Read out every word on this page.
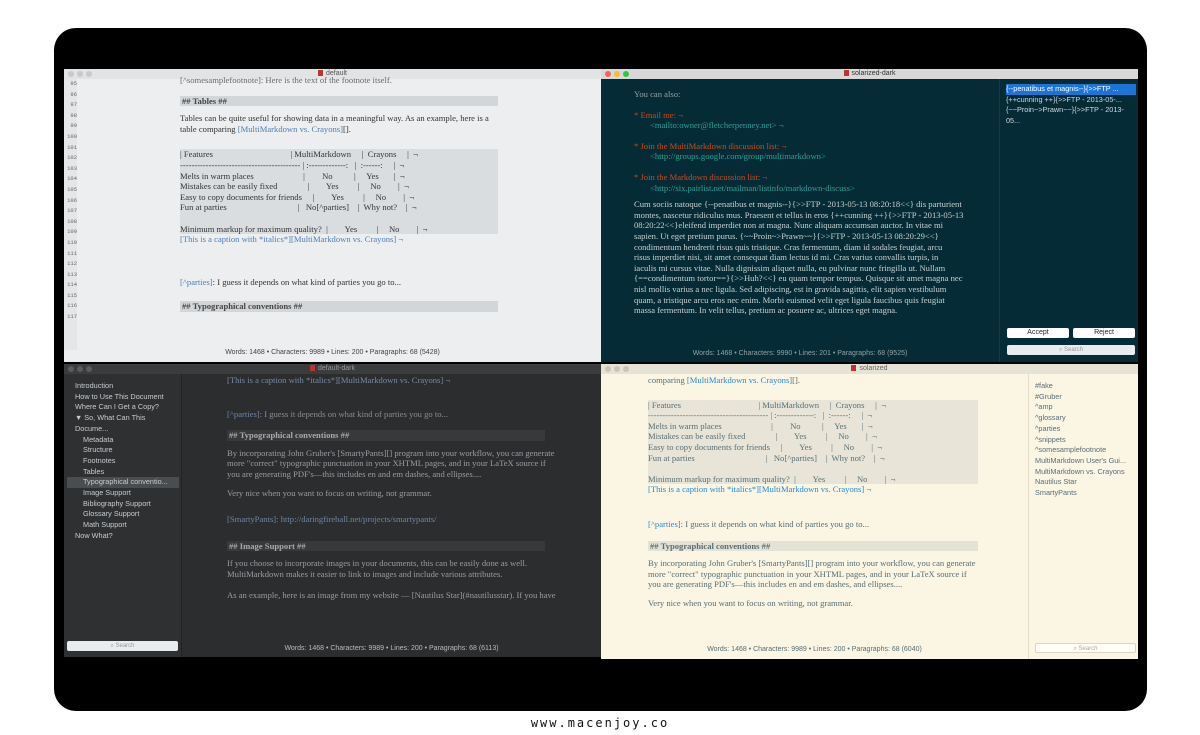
default
95
96
97
98
99
100
101
102
103
104
105
106
107
108
109
110
111
112
113
114
115
116
117

[^somesamplefootnote]: Here is the text of the footnote itself.

## Tables ##

Tables can be quite useful for showing data in a meaningful way. As an example, here is a

table comparing [MultiMarkdown vs. Crayons][].

| Features                                    | MultiMarkdown     |  Crayons     |  ¬
------------------------------------------ | :-------------:   |  :------:     |  ¬
Melts in warm places                       |        No          |     Yes       |  ¬
Mistakes can be easily fixed              |        Yes         |     No        |  ¬
Easy to copy documents for friends     |        Yes         |     No        |  ¬
Fun at parties                                 |   No[^parties]    |  Why not?    |  ¬
Minimum markup for maximum quality?  |        Yes         |     No        |  ¬

[This is a caption with *italics*][MultiMarkdown vs. Crayons] ¬

[^parties]: I guess it depends on what kind of parties you go to...

## Typographical conventions ##

Words: 1468 • Characters: 9989 • Lines: 200 • Paragraphs: 68 (5428)
solarized-dark

You can also:

* Email me: ¬

<mailto:owner@fletcherpenney.net> ¬

* Join the MultiMarkdown discussion list: ¬

<http://groups.google.com/group/multimarkdown>

* Join the Markdown discussion list: ¬

<http://six.pairlist.net/mailman/listinfo/markdown-discuss>

Cum sociis natoque {--penatibus et magnis--}{>>FTP - 2013-05-13 08:20:18<<} dis parturient

montes, nascetur ridiculus mus. Praesent et tellus in eros {++cunning ++}{>>FTP - 2013-05-13

08:20:22<<}eleifend imperdiet non at magna. Nunc aliquam accumsan auctor. In vitae mi

sapien. Ut eget pretium purus. {~~Proin~>Prawn~~}{>>FTP - 2013-05-13 08:20:29<<}

condimentum hendrerit risus quis tristique. Cras fermentum, diam id sodales feugiat, arcu

risus imperdiet nisi, sit amet consequat diam lectus id mi. Cras varius convallis turpis, in

iaculis mi cursus vitae. Nulla dignissim aliquet nulla, eu pulvinar nunc fringilla ut. Nullam

{==condimentum tortor==}{>>Huh?<<} eu quam tempor tempus. Quisque sit amet magna nec

nisl mollis varius a nec ligula. Sed adipiscing, est in gravida sagittis, elit sapien vestibulum

quam, a tristique arcu eros nec enim. Morbi euismod velit eget ligula faucibus quis feugiat

massa fermentum. In velit tellus, pretium ac posuere ac, ultrices eget magna.

Words: 1468 • Characters: 9990 • Lines: 201 • Paragraphs: 68 (9525)
{--penatibus et magnis--}{>>FTP ...
{++cunning ++}{>>FTP - 2013-05-...
{~~Proin~>Prawn~~}{>>FTP - 2013-05...
Accept	Reject
⌕ Search
default-dark
Introduction
How to Use This Document
Where Can I Get a Copy?
▼ So, What Can This Docume...
Metadata
Structure
Footnotes
Tables
Typographical conventio...
Image Support
Bibliography Support
Glossary Support
Math Support
Now What?
⌕ Search

[This is a caption with *italics*][MultiMarkdown vs. Crayons] ¬

[^parties]: I guess it depends on what kind of parties you go to...

## Typographical conventions ##

By incorporating John Gruber's [SmartyPants][] program into your workflow, you can generate

more "correct" typographic punctuation in your XHTML pages, and in your LaTeX source if

you are generating PDF's—this includes en and em dashes, and ellipses....

Very nice when you want to focus on writing, not grammar.

[SmartyPants]: http://daringfireball.net/projects/smartypants/

## Image Support ##

If you choose to incorporate images in your documents, this can be easily done as well.

MultiMarkdown makes it easier to link to images and include various attributes.

As an example, here is an image from my website — [Nautilus Star](#nautilusstar). If you have

Words: 1468 • Characters: 9989 • Lines: 200 • Paragraphs: 68 (6113)
solarized

comparing [MultiMarkdown vs. Crayons][].

| Features                                    | MultiMarkdown     |  Crayons     |  ¬
------------------------------------------ | :-------------:   |  :------:     |  ¬
Melts in warm places                       |        No          |     Yes       |  ¬
Mistakes can be easily fixed              |        Yes         |     No        |  ¬
Easy to copy documents for friends     |        Yes         |     No        |  ¬
Fun at parties                                 |   No[^parties]    |  Why not?    |  ¬
Minimum markup for maximum quality?  |        Yes         |     No        |  ¬

[This is a caption with *italics*][MultiMarkdown vs. Crayons] ¬

[^parties]: I guess it depends on what kind of parties you go to...

## Typographical conventions ##

By incorporating John Gruber's [SmartyPants][] program into your workflow, you can generate

more "correct" typographic punctuation in your XHTML pages, and in your LaTeX source if

you are generating PDF's—this includes en and em dashes, and ellipses....

Very nice when you want to focus on writing, not grammar.

Words: 1468 • Characters: 9989 • Lines: 200 • Paragraphs: 68 (6040)
#fake
#Gruber
^amp
^glossary
^parties
^snippets
^somesamplefootnote
MultiMarkdown User's Gui...
MultiMarkdown vs. Crayons
Nautilus Star
SmartyPants
⌕ Search
www.macenjoy.co
